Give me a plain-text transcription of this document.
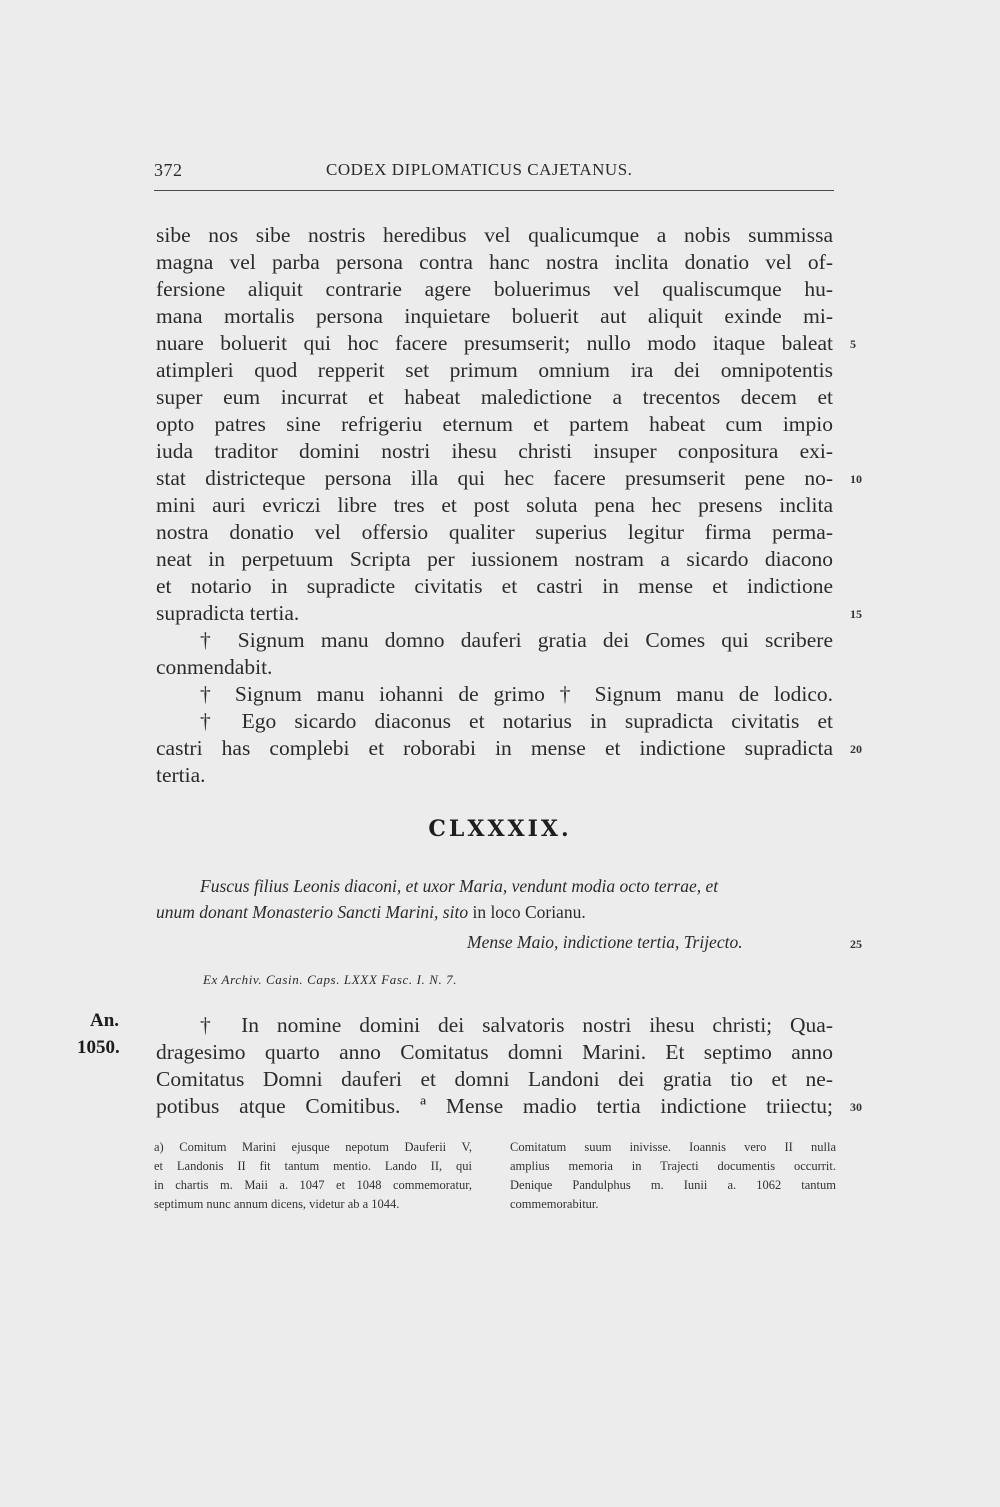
372	CODEX DIPLOMATICUS CAJETANUS.
sibe nos sibe nostris heredibus vel qualicumque a nobis summissa
magna vel parba persona contra hanc nostra inclita donatio vel of-
fersione aliquit contrarie agere boluerimus vel qualiscumque hu-
mana mortalis persona inquietare boluerit aut aliquit exinde mi-
nuare boluerit qui hoc facere presumserit; nullo modo itaque baleat
atimpleri quod repperit set primum omnium ira dei omnipotentis
super eum incurrat et habeat maledictione a trecentos decem et
opto patres sine refrigeriu eternum et partem habeat cum impio
iuda traditor domini nostri ihesu christi insuper conpositura exi-
stat districteque persona illa qui hec facere presumserit pene no-
mini auri evriczi libre tres et post soluta pena hec presens inclita
nostra donatio vel offersio qualiter superius legitur firma perma-
neat in perpetuum Scripta per iussionem nostram a sicardo diacono
et notario in supradicte civitatis et castri in mense et indictione
supradicta tertia.
† Signum manu domno dauferi gratia dei Comes qui scribere
conmendabit.
† Signum manu iohanni de grimo † Signum manu de lodico.
† Ego sicardo diaconus et notarius in supradicta civitatis et
castri has complebi et roborabi in mense et indictione supradicta
tertia.
5
10
15
20
25
30
CLXXXIX.
Fuscus filius Leonis diaconi, et uxor Maria, vendunt modia octo terrae, et
unum donant Monasterio Sancti Marini, sito in loco Corianu.
Mense Maio, indictione tertia, Trijecto.
Ex Archiv. Casin. Caps. LXXX Fasc. I. N. 7.
An.
1050.
† In nomine domini dei salvatoris nostri ihesu christi; Qua-
dragesimo quarto anno Comitatus domni Marini. Et septimo anno
Comitatus Domni dauferi et domni Landoni dei gratia tio et ne-
potibus atque Comitibus. ª Mense madio tertia indictione triiectu;
a) Comitum Marini ejusque nepotum Dauferii V,
et Landonis II fit tantum mentio. Lando II, qui
in chartis m. Maii a. 1047 et 1048 commemoratur,
septimum nunc annum dicens, videtur ab a 1044.
Comitatum suum inivisse. Ioannis vero II nulla
amplius memoria in Trajecti documentis occurrit.
Denique Pandulphus m. Iunii a. 1062 tantum
commemorabitur.
